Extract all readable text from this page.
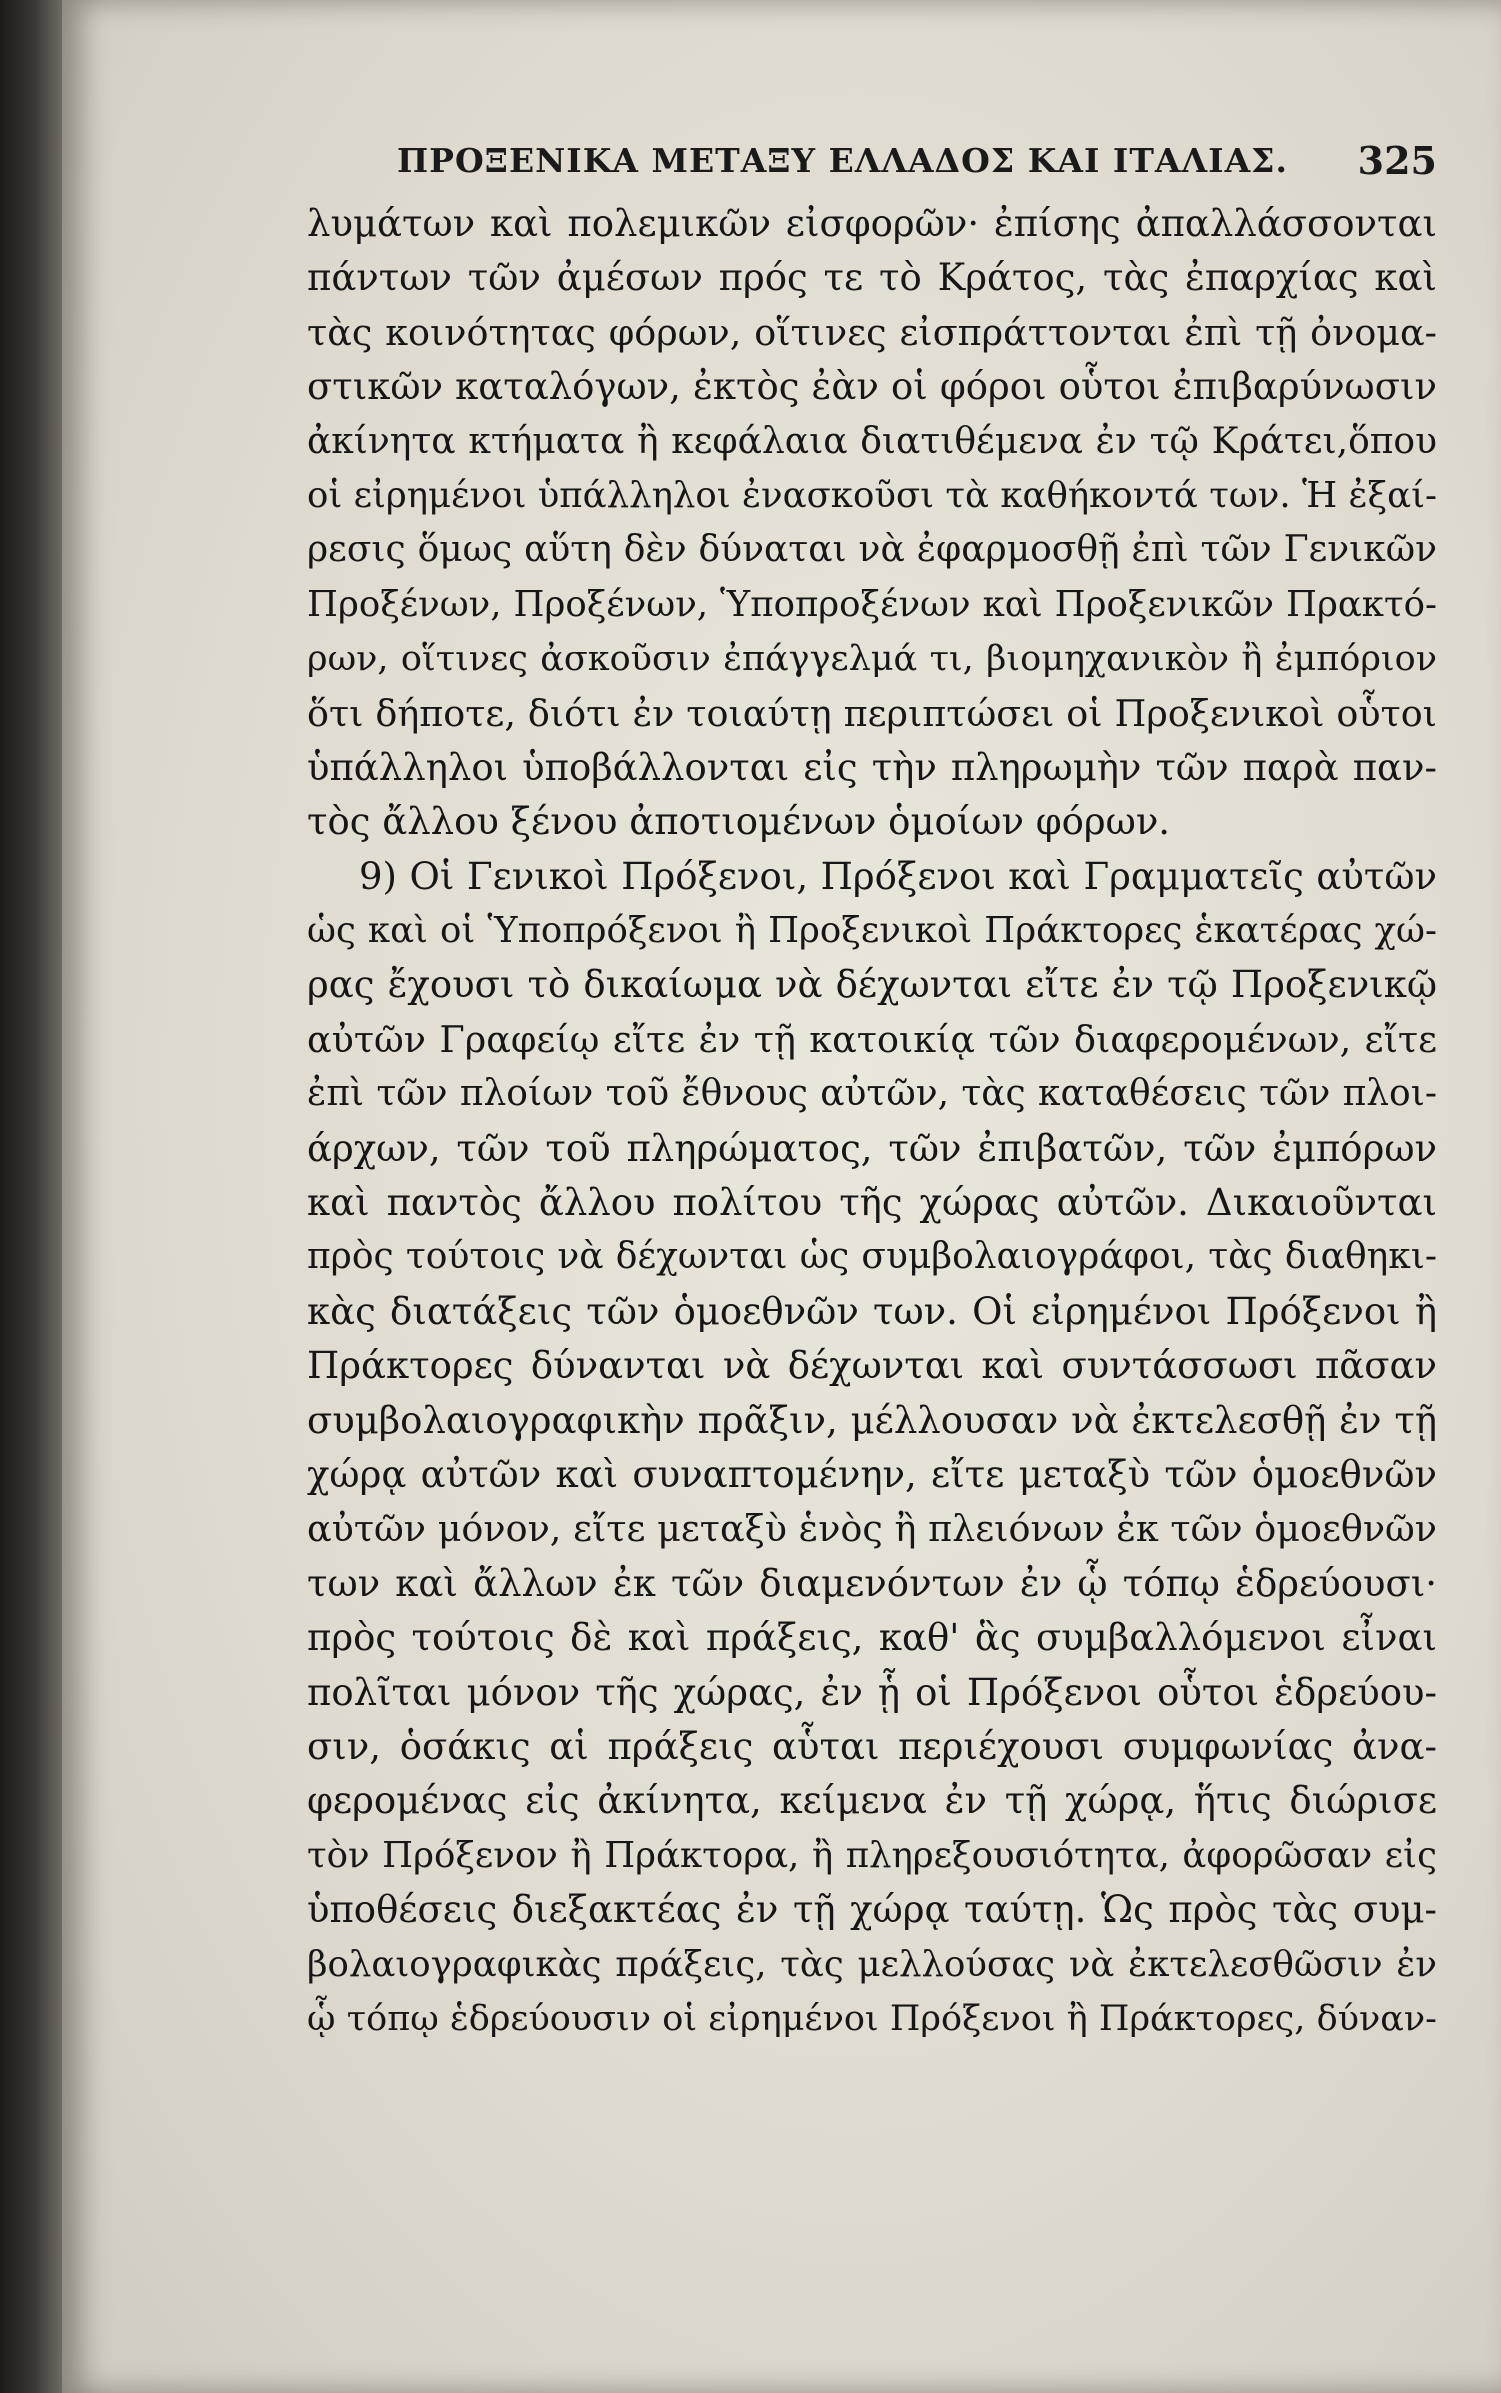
ΠΡΟΞΕΝΙΚΑ ΜΕΤΑΞΥ ΕΛΛΑΔΟΣ ΚΑΙ ΙΤΑΛΙΑΣ. 325
λυμάτων καὶ πολεμικῶν εἰσφορῶν· ἐπίσης ἀπαλλάσσονται
πάντων τῶν ἀμέσων πρός τε τὸ Κράτος, τὰς ἐπαρχίας καὶ
τὰς κοινότητας φόρων, οἵτινες εἰσπράττονται ἐπὶ τῇ ὀνομα-
στικῶν καταλόγων, ἐκτὸς ἐὰν οἱ φόροι οὗτοι ἐπιβαρύνωσιν
ἀκίνητα κτήματα ἢ κεφάλαια διατιθέμενα ἐν τῷ Κράτει,ὅπου
οἱ εἰρημένοι ὑπάλληλοι ἐνασκοῦσι τὰ καθήκοντά των. Ἡ ἐξαί-
ρεσις ὅμως αὕτη δὲν δύναται νὰ ἐφαρμοσθῇ ἐπὶ τῶν Γενικῶν
Προξένων, Προξένων, Ὑποπροξένων καὶ Προξενικῶν Πρακτό-
ρων, οἵτινες ἀσκοῦσιν ἐπάγγελμά τι, βιομηχανικὸν ἢ ἐμπόριον
ὅτι δήποτε, διότι ἐν τοιαύτῃ περιπτώσει οἱ Προξενικοὶ οὗτοι
ὑπάλληλοι ὑποβάλλονται εἰς τὴν πληρωμὴν τῶν παρὰ παν-
τὸς ἄλλου ξένου ἀποτιομένων ὁμοίων φόρων.
9) Οἱ Γενικοὶ Πρόξενοι, Πρόξενοι καὶ Γραμματεῖς αὐτῶν
ὡς καὶ οἱ Ὑποπρόξενοι ἢ Προξενικοὶ Πράκτορες ἑκατέρας χώ-
ρας ἔχουσι τὸ δικαίωμα νὰ δέχωνται εἴτε ἐν τῷ Προξενικῷ
αὐτῶν Γραφείῳ εἴτε ἐν τῇ κατοικίᾳ τῶν διαφερομένων, εἴτε
ἐπὶ τῶν πλοίων τοῦ ἔθνους αὐτῶν, τὰς καταθέσεις τῶν πλοι-
άρχων, τῶν τοῦ πληρώματος, τῶν ἐπιβατῶν, τῶν ἐμπόρων
καὶ παντὸς ἄλλου πολίτου τῆς χώρας αὐτῶν. Δικαιοῦνται
πρὸς τούτοις νὰ δέχωνται ὡς συμβολαιογράφοι, τὰς διαθηκι-
κὰς διατάξεις τῶν ὁμοεθνῶν των. Οἱ εἰρημένοι Πρόξενοι ἢ
Πράκτορες δύνανται νὰ δέχωνται καὶ συντάσσωσι πᾶσαν
συμβολαιογραφικὴν πρᾶξιν, μέλλουσαν νὰ ἐκτελεσθῇ ἐν τῇ
χώρᾳ αὐτῶν καὶ συναπτομένην, εἴτε μεταξὺ τῶν ὁμοεθνῶν
αὐτῶν μόνον, εἴτε μεταξὺ ἑνὸς ἢ πλειόνων ἐκ τῶν ὁμοεθνῶν
των καὶ ἄλλων ἐκ τῶν διαμενόντων ἐν ᾧ τόπῳ ἑδρεύουσι·
πρὸς τούτοις δὲ καὶ πράξεις, καθ' ἃς συμβαλλόμενοι εἶναι
πολῖται μόνον τῆς χώρας, ἐν ᾗ οἱ Πρόξενοι οὗτοι ἑδρεύου-
σιν, ὁσάκις αἱ πράξεις αὗται περιέχουσι συμφωνίας ἀνα-
φερομένας εἰς ἀκίνητα, κείμενα ἐν τῇ χώρᾳ, ἥτις διώρισε
τὸν Πρόξενον ἢ Πράκτορα, ἢ πληρεξουσιότητα, ἀφορῶσαν εἰς
ὑποθέσεις διεξακτέας ἐν τῇ χώρᾳ ταύτῃ. Ὡς πρὸς τὰς συμ-
βολαιογραφικὰς πράξεις, τὰς μελλούσας νὰ ἐκτελεσθῶσιν ἐν
ᾧ τόπῳ ἑδρεύουσιν οἱ εἰρημένοι Πρόξενοι ἢ Πράκτορες, δύναν-
